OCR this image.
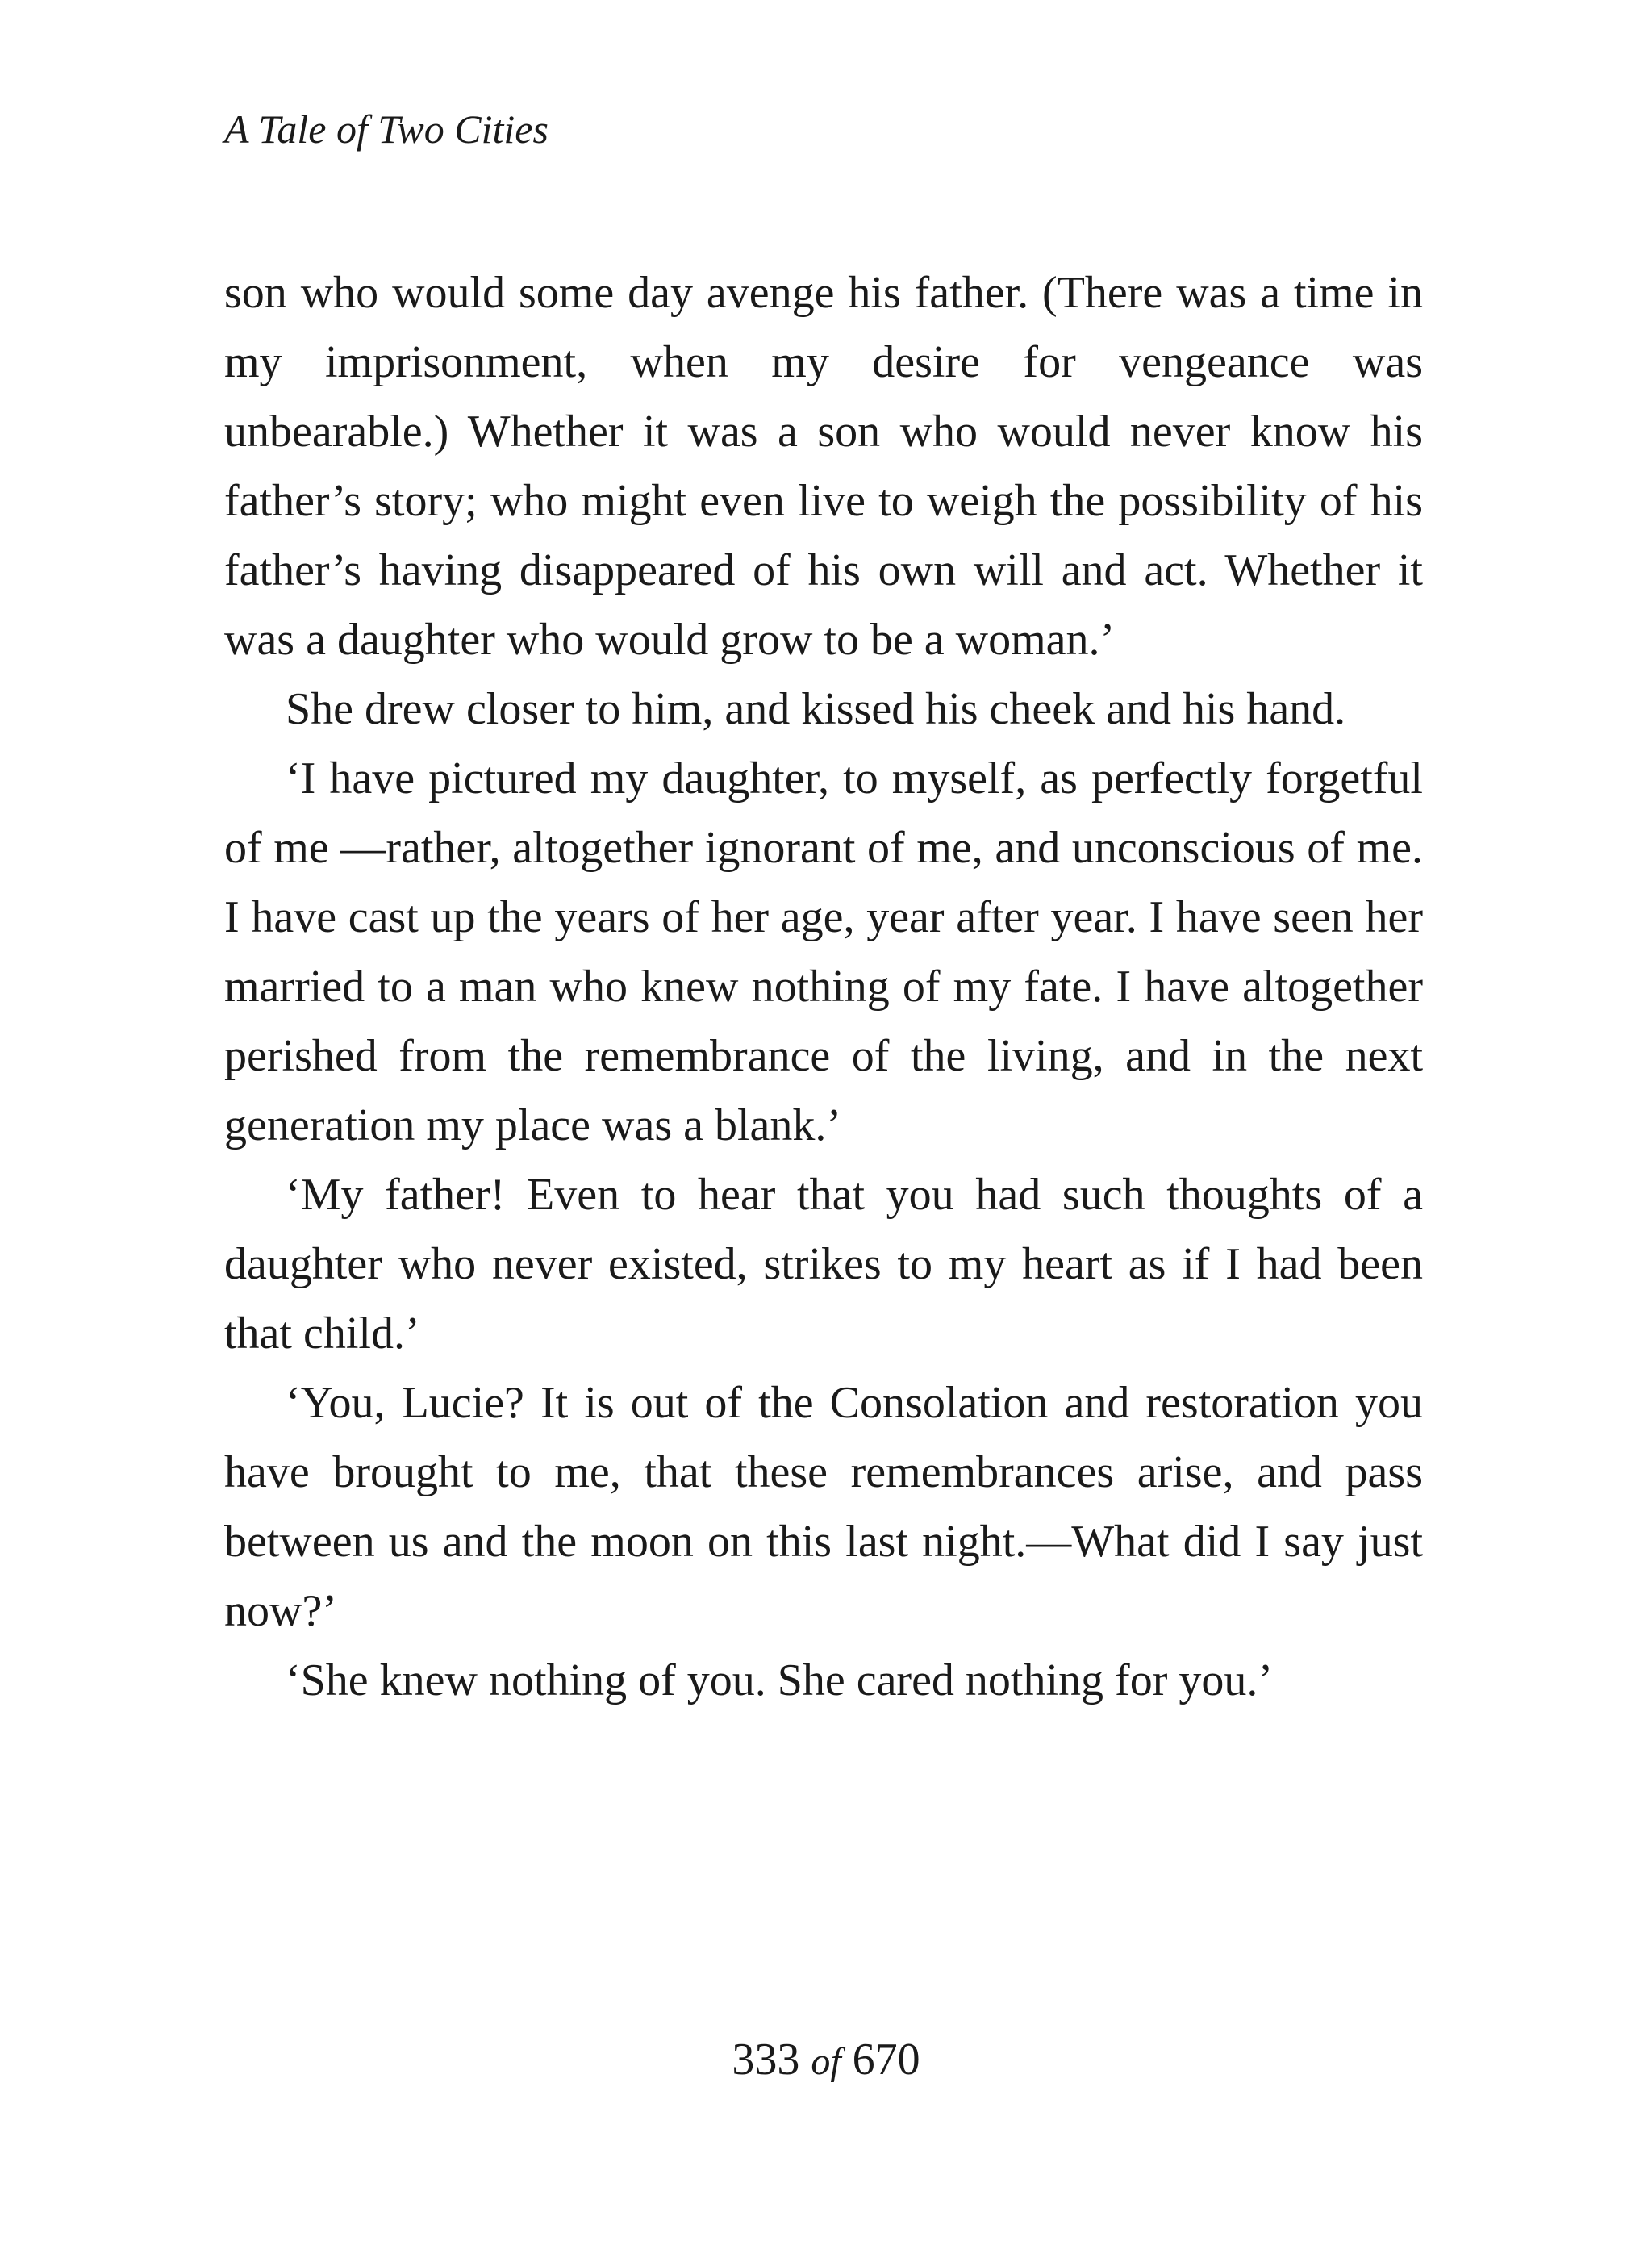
A Tale of Two Cities

son who would some day avenge his father. (There was a time in my imprisonment, when my desire for vengeance was unbearable.) Whether it was a son who would never know his father’s story; who might even live to weigh the possibility of his father’s having disappeared of his own will and act. Whether it was a daughter who would grow to be a woman.’

She drew closer to him, and kissed his cheek and his hand.

‘I have pictured my daughter, to myself, as perfectly forgetful of me —rather, altogether ignorant of me, and unconscious of me. I have cast up the years of her age, year after year. I have seen her married to a man who knew nothing of my fate. I have altogether perished from the remembrance of the living, and in the next generation my place was a blank.’

‘My father! Even to hear that you had such thoughts of a daughter who never existed, strikes to my heart as if I had been that child.’

‘You, Lucie? It is out of the Consolation and restoration you have brought to me, that these remembrances arise, and pass between us and the moon on this last night.—What did I say just now?’

‘She knew nothing of you. She cared nothing for you.’

333 of 670
